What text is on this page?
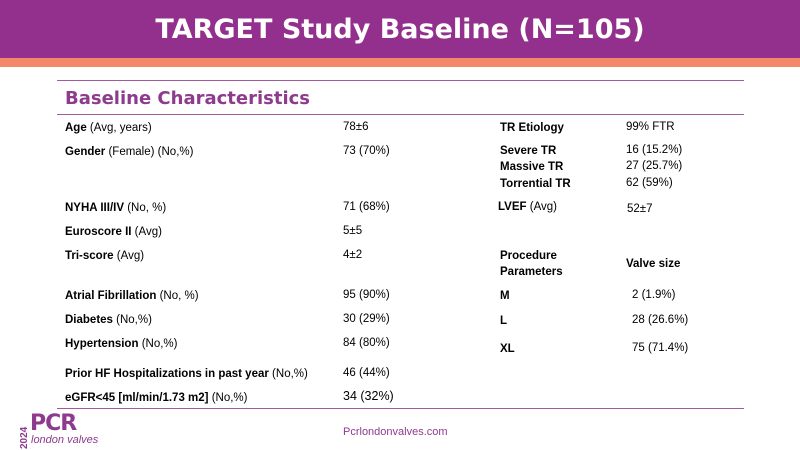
TARGET Study Baseline (N=105)
Baseline Characteristics
Age (Avg, years)	78±6
Gender (Female) (No,%)	73 (70%)
NYHA III/IV (No, %)	71 (68%)
Euroscore II (Avg)	5±5
Tri-score (Avg)	4±2
Atrial Fibrillation (No, %)	95 (90%)
Diabetes (No,%)	30 (29%)
Hypertension (No,%)	84 (80%)
Prior HF Hospitalizations in past year (No,%)	46 (44%)
eGFR<45 [ml/min/1.73 m2] (No,%)	34 (32%)
TR Etiology	99% FTR
Severe TR	16 (15.2%)
Massive TR	27 (25.7%)
Torrential TR	62 (59%)
LVEF (Avg)	52±7
Procedure
Parameters
Valve size
M	2 (1.9%)
L	28 (26.6%)
XL	75 (71.4%)
Pcrlondonvalves.com
2024
PCR
london valves
